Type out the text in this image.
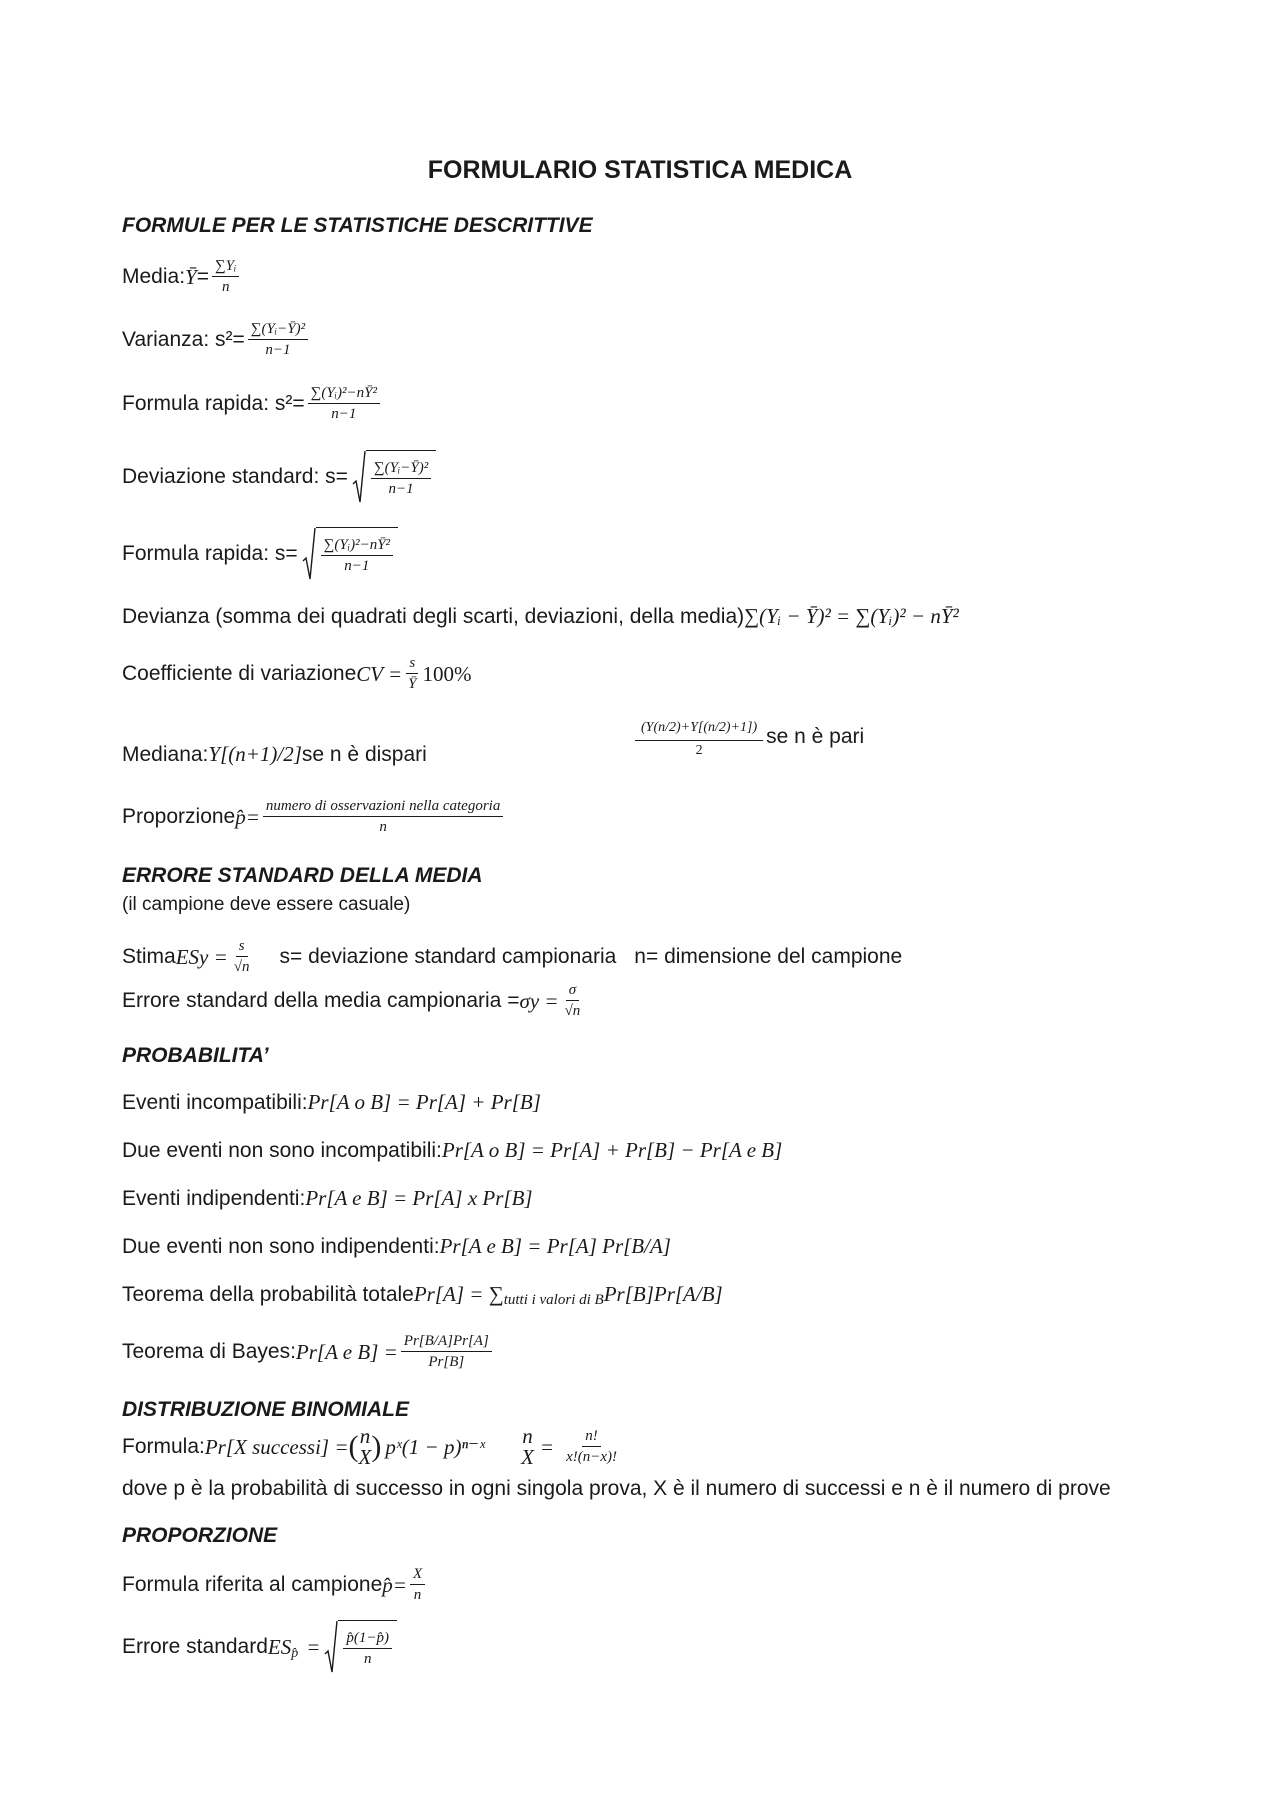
FORMULARIO STATISTICA MEDICA
FORMULE PER LE STATISTICHE DESCRITTIVE
Media: Ȳ = $\frac{\text{∑Yᵢ}}{n}$
Varianza: $s^2= \frac{\text{∑(Yᵢ−Ȳ)²}}{n-1}$
Formula rapida: $s^2= \frac{\text{∑(Yᵢ)²−nȲ²}}{n-1}$
Deviazione standard: $s= \frac{\text{∑(Yᵢ−Ȳ)²}}{n-1}$
Formula rapida: $s= \frac{\text{∑(Yᵢ)²−nȲ²}}{n-1}$
Devianza (somma dei quadrati degli scarti, deviazioni, della media) ∑(Yᵢ − Ȳ)² = ∑(Yᵢ)² − nȲ²
Coefficiente di variazione CV = $\frac{s}{Ȳ} 100\%$
Mediana: Y[(n+1)/2] se n è dispari	$\frac{(Y(n/2)+Y[(n/2)+1])}{2}$ se n è pari
Proporzione p̂= $\frac{\text{numero di osservazioni nella categoria}}{n}$
ERRORE STANDARD DELLA MEDIA
(il campione deve essere casuale)
Stima ESy = $\frac{s}{√n} s=$ deviazione standard campionaria n= dimensione del campione
Errore standard della media campionaria = $\sigma y = \frac{\sigma}{√n}$
PROBABILITA’
Eventi incompatibili: Pr[A o B] = Pr[A] + Pr[B]
Due eventi non sono incompatibili: Pr[A o B] = Pr[A] + Pr[B] − Pr[A e B]
Eventi indipendenti: Pr[A e B] = Pr[A] x Pr[B]
Due eventi non sono indipendenti: Pr[A e B] = Pr[A] Pr[B/A]
Teorema della probabilità totale Pr[A] = ∑ tutti i valori di B Pr[B]Pr[A/B]
Teorema di Bayes: Pr[A e $B] = \frac{Pr[B/A]Pr[A]}{Pr[B]}$
DISTRIBUZIONE BINOMIALE
Formula: Pr[X successi] = ( n
X ) pˣ(1 − p)ⁿ⁻ˣ n
$X = \frac{n!}{x!(n-x)!}$
dove p è la probabilità di successo in ogni singola prova, X è il numero di successi e n è il numero di prove
PROPORZIONE
Formula riferita al campione p̂= $\frac{X}{n}$
Errore standard ES p̂ = $\frac{p̂(1-p̂)}{n}$
